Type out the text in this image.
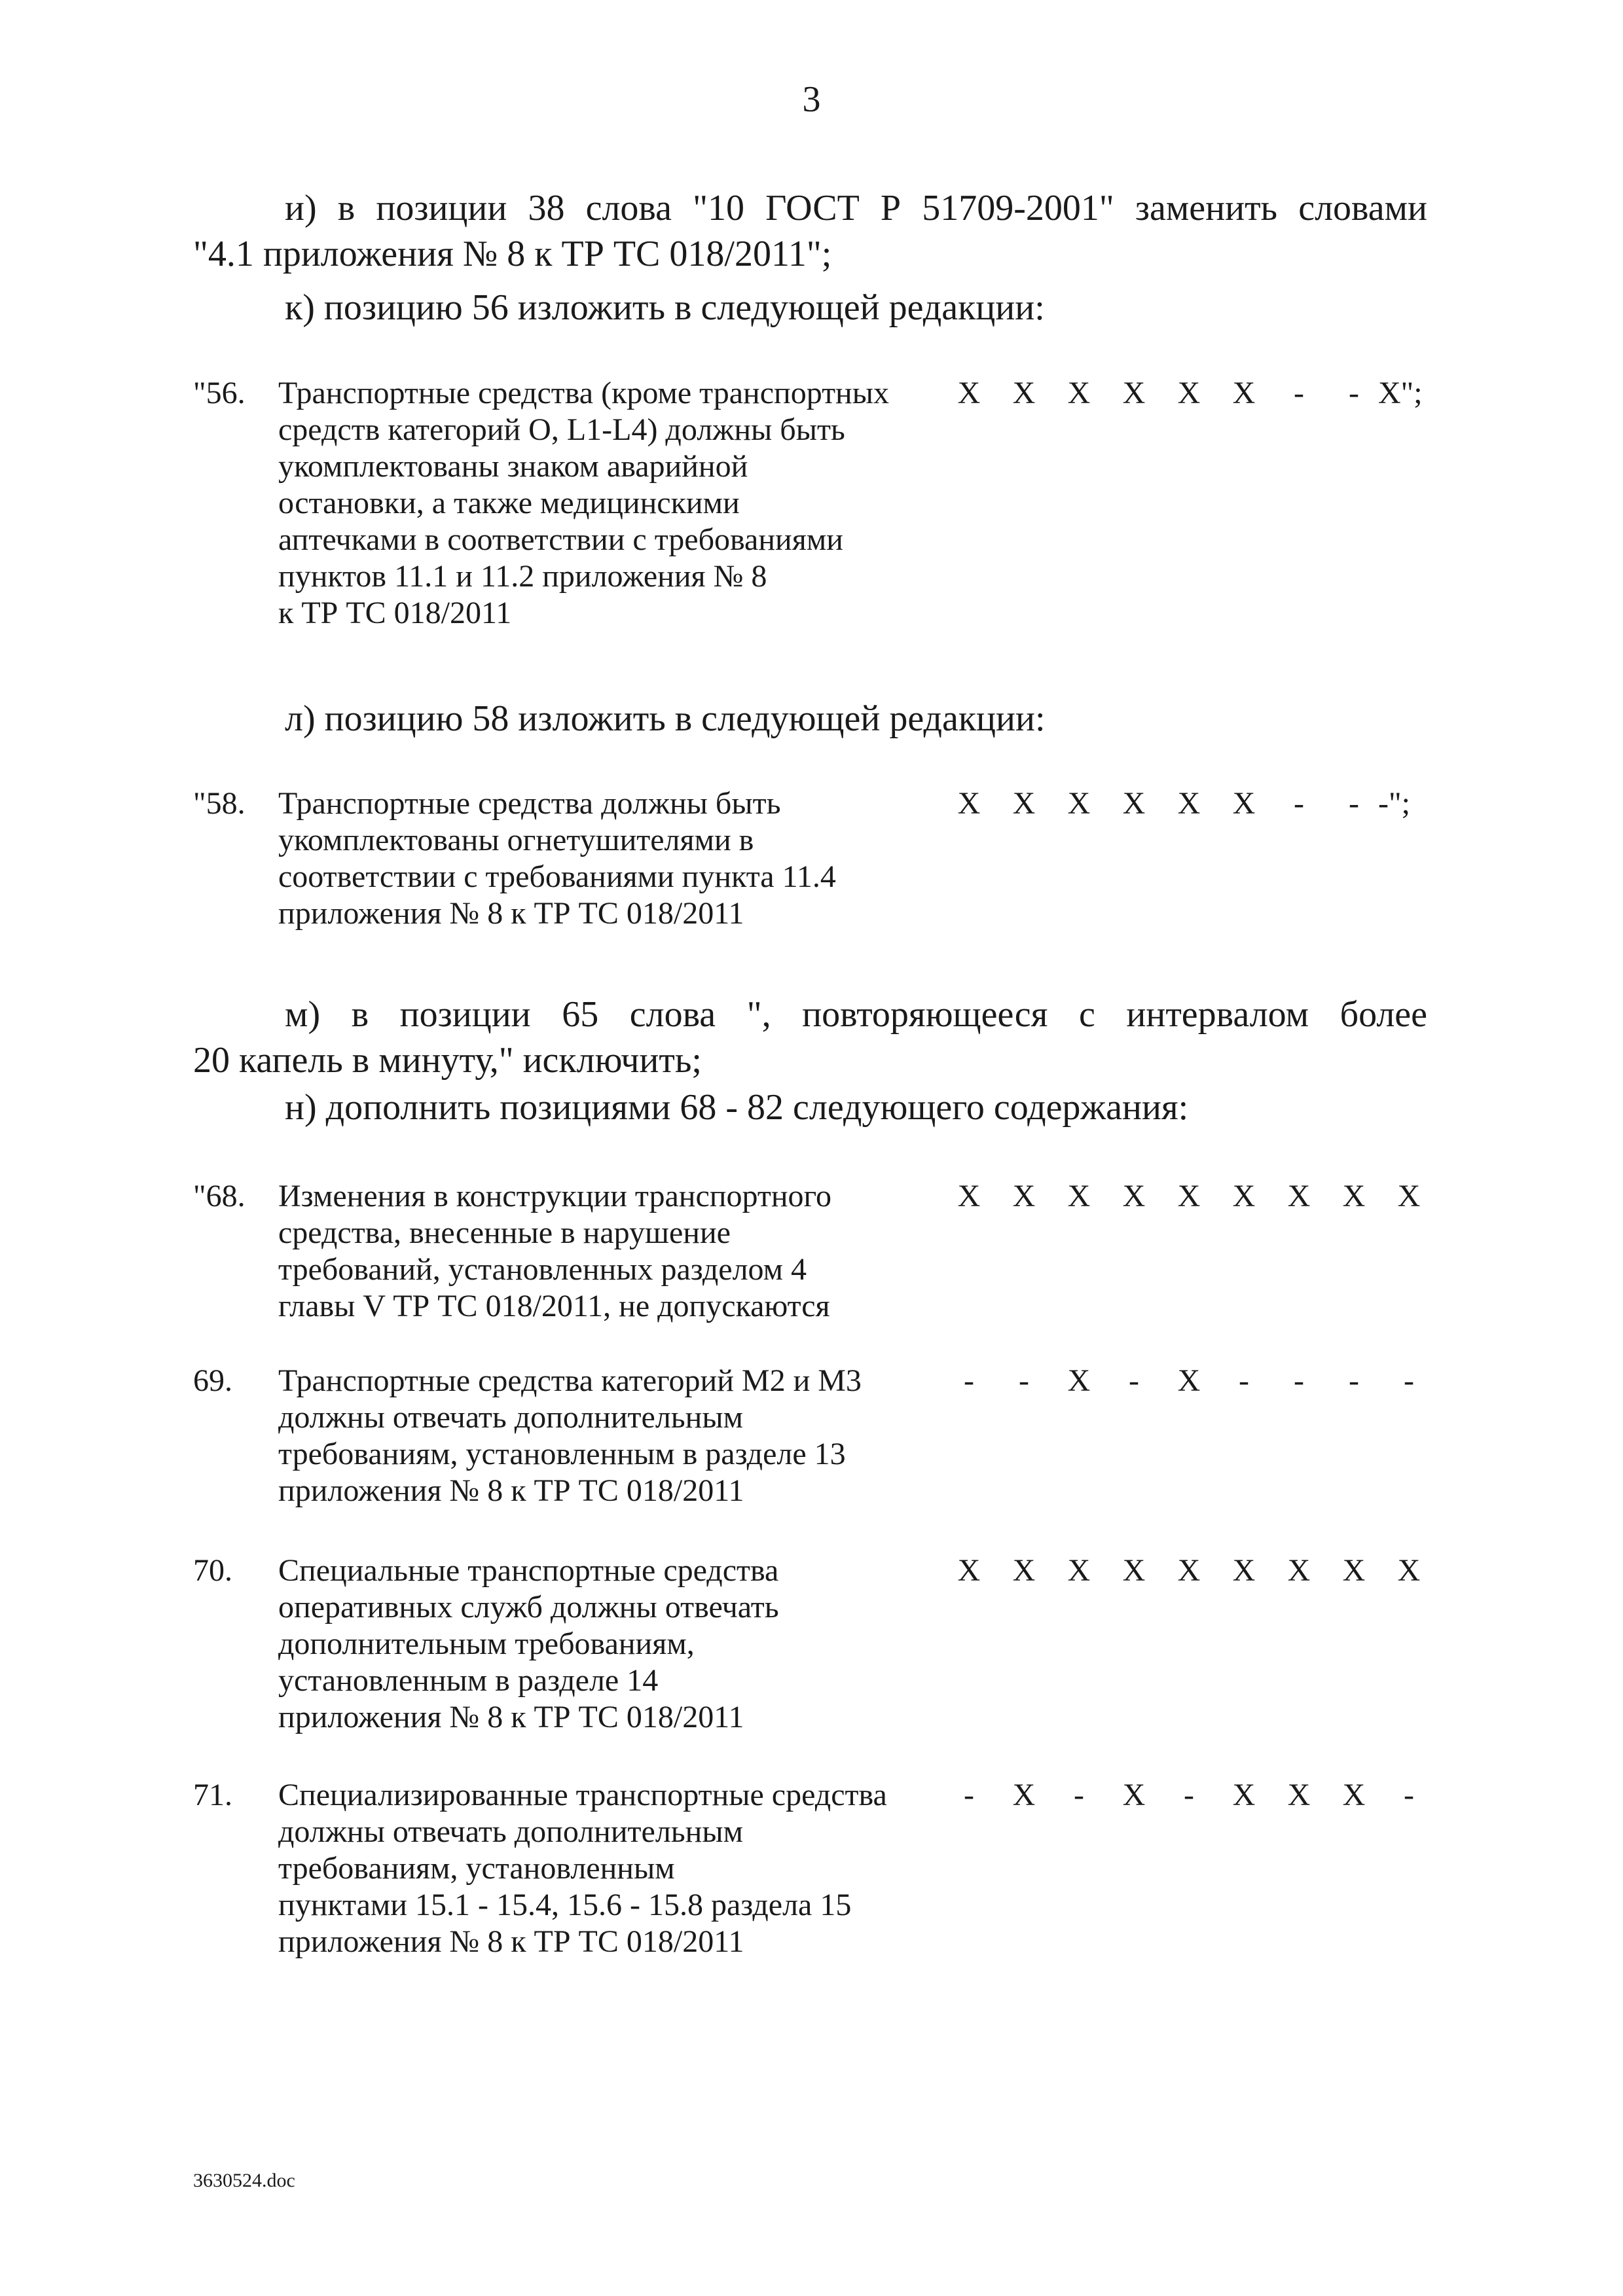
3
и) в позиции 38 слова "10 ГОСТ Р 51709-2001" заменить словами
"4.1 приложения № 8 к ТР ТС 018/2011";
к) позицию 56 изложить в следующей редакции:
"56. Транспортные средства (кроме транспортных
средств категорий O, L1-L4) должны быть
укомплектованы знаком аварийной
остановки, а также медицинскими
аптечками в соответствии с требованиями
пунктов 11.1 и 11.2 приложения № 8
к ТР ТС 018/2011
X	X	X	X	X	X	-	- X";
л) позицию 58 изложить в следующей редакции:
"58. Транспортные средства должны быть
укомплектованы огнетушителями в
соответствии с требованиями пункта 11.4
приложения № 8 к ТР ТС 018/2011
X	X	X	X	X	X	-	- -";
м) в позиции 65 слова ", повторяющееся с интервалом более
20 капель в минуту," исключить;
н) дополнить позициями 68 - 82 следующего содержания:
"68. Изменения в конструкции транспортного
средства, внесенные в нарушение
требований, установленных разделом 4
главы V ТР ТС 018/2011, не допускаются
X	X	X	X	X	X	X	X	X
69. Транспортные средства категорий M2 и M3
должны отвечать дополнительным
требованиям, установленным в разделе 13
приложения № 8 к ТР ТС 018/2011
-	-	X	-	X	-	-	-	-
70. Специальные транспортные средства
оперативных служб должны отвечать
дополнительным требованиям,
установленным в разделе 14
приложения № 8 к ТР ТС 018/2011
X	X	X	X	X	X	X	X	X
71. Специализированные транспортные средства
должны отвечать дополнительным
требованиям, установленным
пунктами 15.1 - 15.4, 15.6 - 15.8 раздела 15
приложения № 8 к ТР ТС 018/2011
-	X	-	X	-	X	X	X	-
3630524.doc
